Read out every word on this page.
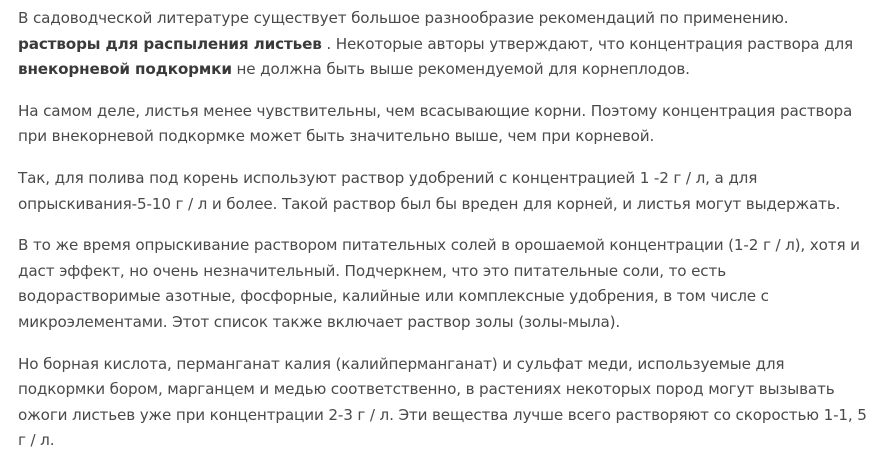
В садоводческой литературе существует большое разнообразие рекомендаций по применению. растворы для распыления листьев . Некоторые авторы утверждают, что концентрация раствора для внекорневой подкормки не должна быть выше рекомендуемой для корнеплодов.

На самом деле, листья менее чувствительны, чем всасывающие корни. Поэтому концентрация раствора при внекорневой подкормке может быть значительно выше, чем при корневой.

Так, для полива под корень используют раствор удобрений с концентрацией 1 -2 г / л, а для опрыскивания-5-10 г / л и более. Такой раствор был бы вреден для корней, и листья могут выдержать.

В то же время опрыскивание раствором питательных солей в орошаемой концентрации (1-2 г / л), хотя и даст эффект, но очень незначительный. Подчеркнем, что это питательные соли, то есть водорастворимые азотные, фосфорные, калийные или комплексные удобрения, в том числе с микроэлементами. Этот список также включает раствор золы (золы-мыла).

Но борная кислота, перманганат калия (калийперманганат) и сульфат меди, используемые для подкормки бором, марганцем и медью соответственно, в растениях некоторых пород могут вызывать ожоги листьев уже при концентрации 2-3 г / л. Эти вещества лучше всего растворяют со скоростью 1-1, 5 г / л.
